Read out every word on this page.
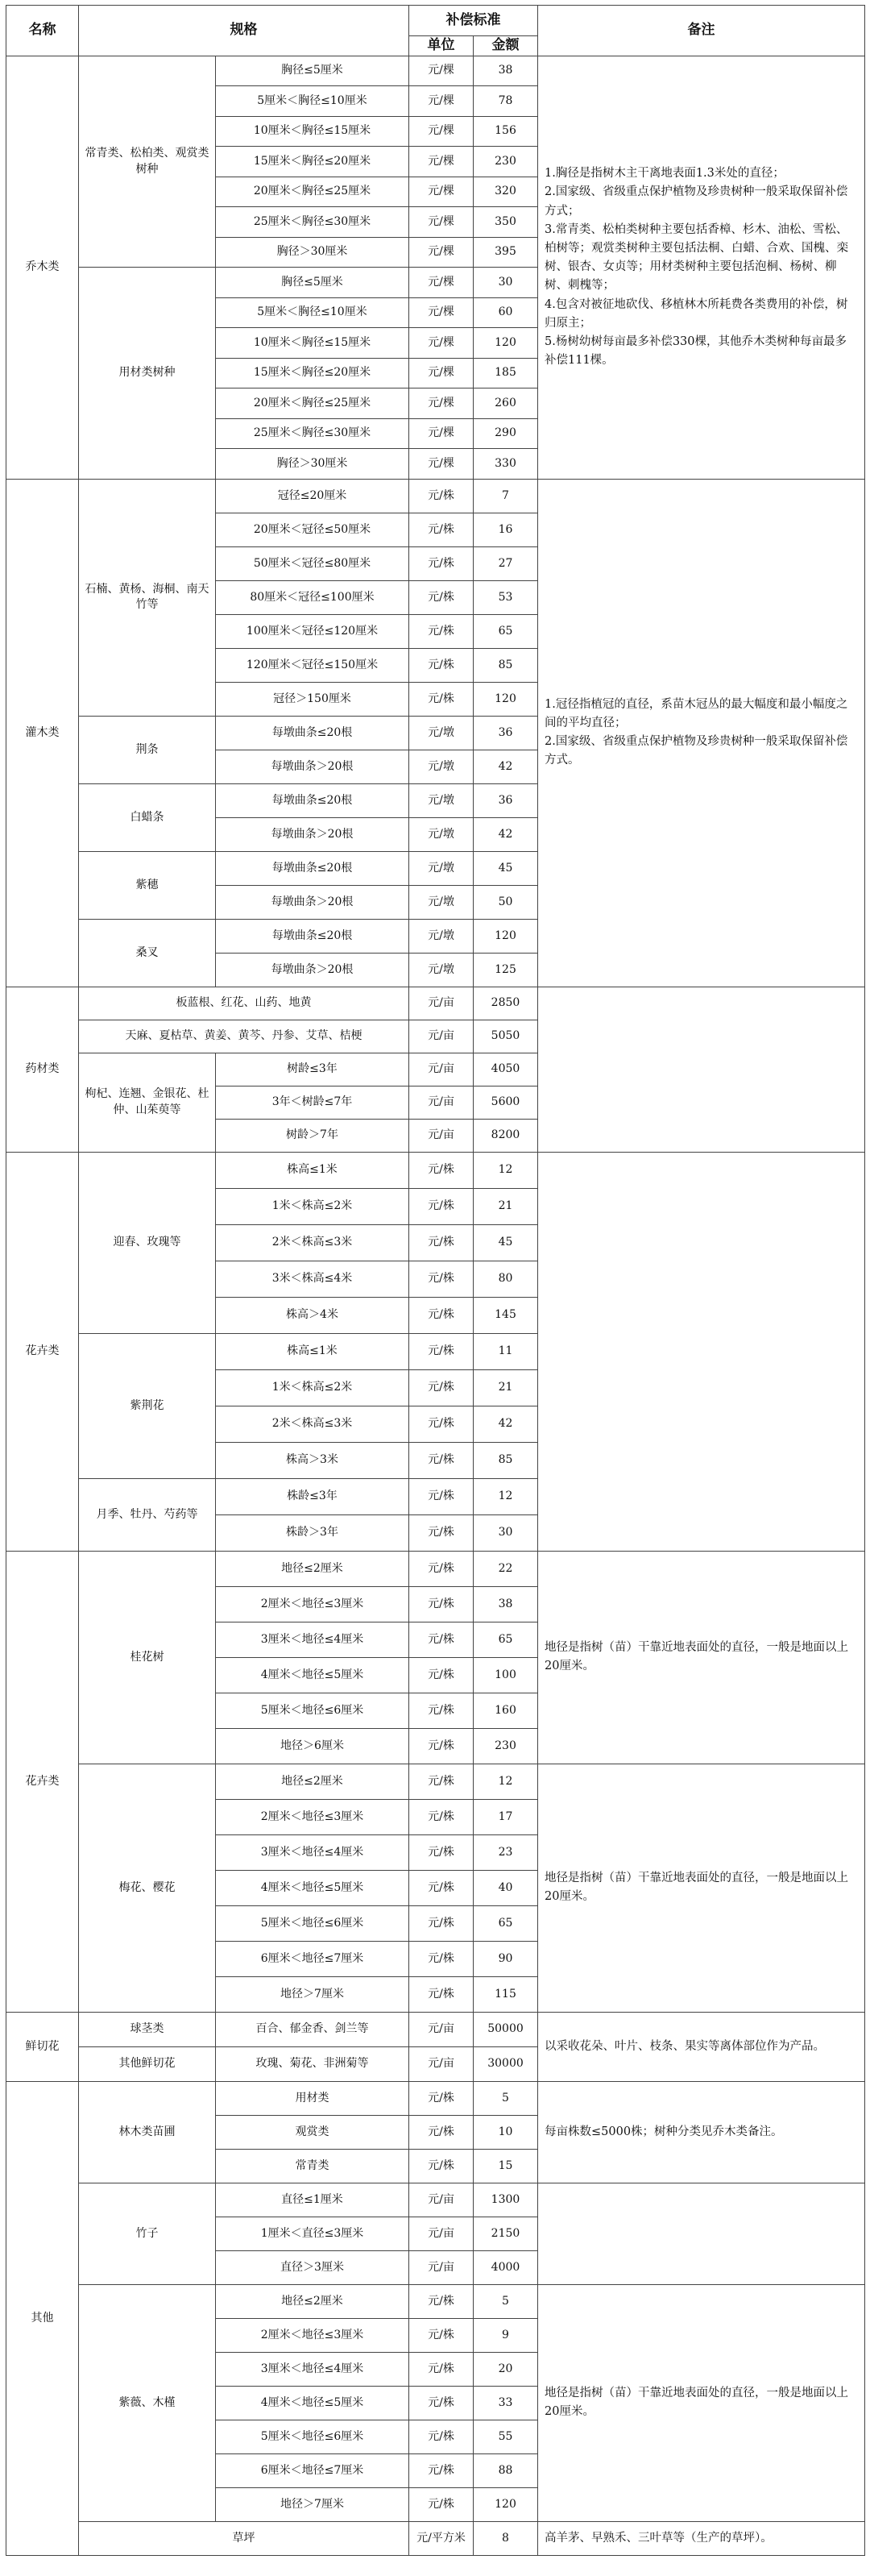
名称	规格		补偿标准		备注
			单位	金额	
乔木类	常青类、松柏类、观赏类树种	胸径≤5厘米	元/棵	38	1.胸径是指树木主干离地表面1.3米处的直径；
2.国家级、省级重点保护植物及珍贵树种一般采取保留补偿方式；
3.常青类、松柏类树种主要包括香樟、杉木、油松、雪松、柏树等；观赏类树种主要包括法桐、白蜡、合欢、国槐、栾树、银杏、女贞等；用材类树种主要包括泡桐、杨树、柳树、刺槐等；
4.包含对被征地砍伐、移植林木所耗费各类费用的补偿，树归原主；
5.杨树幼树每亩最多补偿330棵，其他乔木类树种每亩最多补偿111棵。
		5厘米＜胸径≤10厘米	元/棵	78	
		10厘米＜胸径≤15厘米	元/棵	156	
		15厘米＜胸径≤20厘米	元/棵	230	
		20厘米＜胸径≤25厘米	元/棵	320	
		25厘米＜胸径≤30厘米	元/棵	350	
		胸径＞30厘米	元/棵	395	
	用材类树种	胸径≤5厘米	元/棵	30	
		5厘米＜胸径≤10厘米	元/棵	60	
		10厘米＜胸径≤15厘米	元/棵	120	
		15厘米＜胸径≤20厘米	元/棵	185	
		20厘米＜胸径≤25厘米	元/棵	260	
		25厘米＜胸径≤30厘米	元/棵	290	
		胸径＞30厘米	元/棵	330	
灌木类	石楠、黄杨、海桐、南天竹等	冠径≤20厘米	元/株	7	1.冠径指植冠的直径，系苗木冠丛的最大幅度和最小幅度之间的平均直径；
2.国家级、省级重点保护植物及珍贵树种一般采取保留补偿方式。
		20厘米＜冠径≤50厘米	元/株	16	
		50厘米＜冠径≤80厘米	元/株	27	
		80厘米＜冠径≤100厘米	元/株	53	
		100厘米＜冠径≤120厘米	元/株	65	
		120厘米＜冠径≤150厘米	元/株	85	
		冠径＞150厘米	元/株	120	
	荆条	每墩曲条≤20根	元/墩	36	
		每墩曲条＞20根	元/墩	42	
	白蜡条	每墩曲条≤20根	元/墩	36	
		每墩曲条＞20根	元/墩	42	
	紫穗	每墩曲条≤20根	元/墩	45	
		每墩曲条＞20根	元/墩	50	
	桑叉	每墩曲条≤20根	元/墩	120	
		每墩曲条＞20根	元/墩	125	
药材类	板蓝根、红花、山药、地黄		元/亩	2850	
	天麻、夏枯草、黄姜、黄芩、丹参、艾草、桔梗		元/亩	5050	
	枸杞、连翘、金银花、杜仲、山茱萸等	树龄≤3年	元/亩	4050	
		3年＜树龄≤7年	元/亩	5600	
		树龄＞7年	元/亩	8200	
花卉类	迎春、玫瑰等	株高≤1米	元/株	12	
		1米＜株高≤2米	元/株	21	
		2米＜株高≤3米	元/株	45	
		3米＜株高≤4米	元/株	80	
		株高＞4米	元/株	145	
	紫荆花	株高≤1米	元/株	11	
		1米＜株高≤2米	元/株	21	
		2米＜株高≤3米	元/株	42	
		株高＞3米	元/株	85	
	月季、牡丹、芍药等	株龄≤3年	元/株	12	
		株龄＞3年	元/株	30	
花卉类	桂花树	地径≤2厘米	元/株	22	地径是指树（苗）干靠近地表面处的直径，一般是地面以上20厘米。
		2厘米＜地径≤3厘米	元/株	38	
		3厘米＜地径≤4厘米	元/株	65	
		4厘米＜地径≤5厘米	元/株	100	
		5厘米＜地径≤6厘米	元/株	160	
		地径＞6厘米	元/株	230	
	梅花、樱花	地径≤2厘米	元/株	12	地径是指树（苗）干靠近地表面处的直径，一般是地面以上20厘米。
		2厘米＜地径≤3厘米	元/株	17	
		3厘米＜地径≤4厘米	元/株	23	
		4厘米＜地径≤5厘米	元/株	40	
		5厘米＜地径≤6厘米	元/株	65	
		6厘米＜地径≤7厘米	元/株	90	
		地径＞7厘米	元/株	115	
鲜切花	球茎类	百合、郁金香、剑兰等	元/亩	50000	以采收花朵、叶片、枝条、果实等离体部位作为产品。
	其他鲜切花	玫瑰、菊花、非洲菊等	元/亩	30000	
其他	林木类苗圃	用材类	元/株	5	每亩株数≤5000株；树种分类见乔木类备注。
		观赏类	元/株	10	
		常青类	元/株	15	
	竹子	直径≤1厘米	元/亩	1300	
		1厘米＜直径≤3厘米	元/亩	2150	
		直径＞3厘米	元/亩	4000	
	紫薇、木槿	地径≤2厘米	元/株	5	地径是指树（苗）干靠近地表面处的直径，一般是地面以上20厘米。
		2厘米＜地径≤3厘米	元/株	9	
		3厘米＜地径≤4厘米	元/株	20	
		4厘米＜地径≤5厘米	元/株	33	
		5厘米＜地径≤6厘米	元/株	55	
		6厘米＜地径≤7厘米	元/株	88	
		地径＞7厘米	元/株	120	
	草坪		元/平方米	8	高羊茅、早熟禾、三叶草等（生产的草坪）。
